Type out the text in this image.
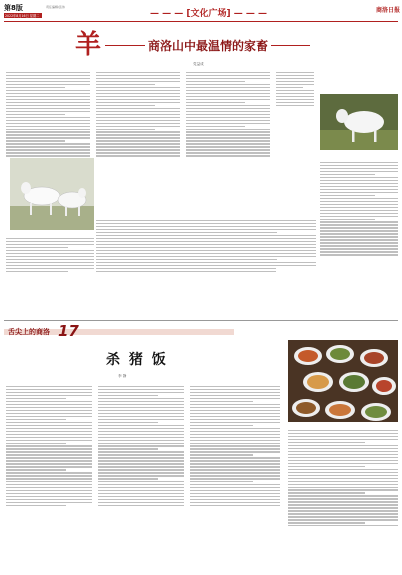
第8版
2022年8月16日 星期二
责任编辑/张伟
— — — [文化广场] — — —	商洛日报
羊	商洛山中最温情的家畜
党益成
舌尖上的商洛 17
杀 猪 饭
李 静
